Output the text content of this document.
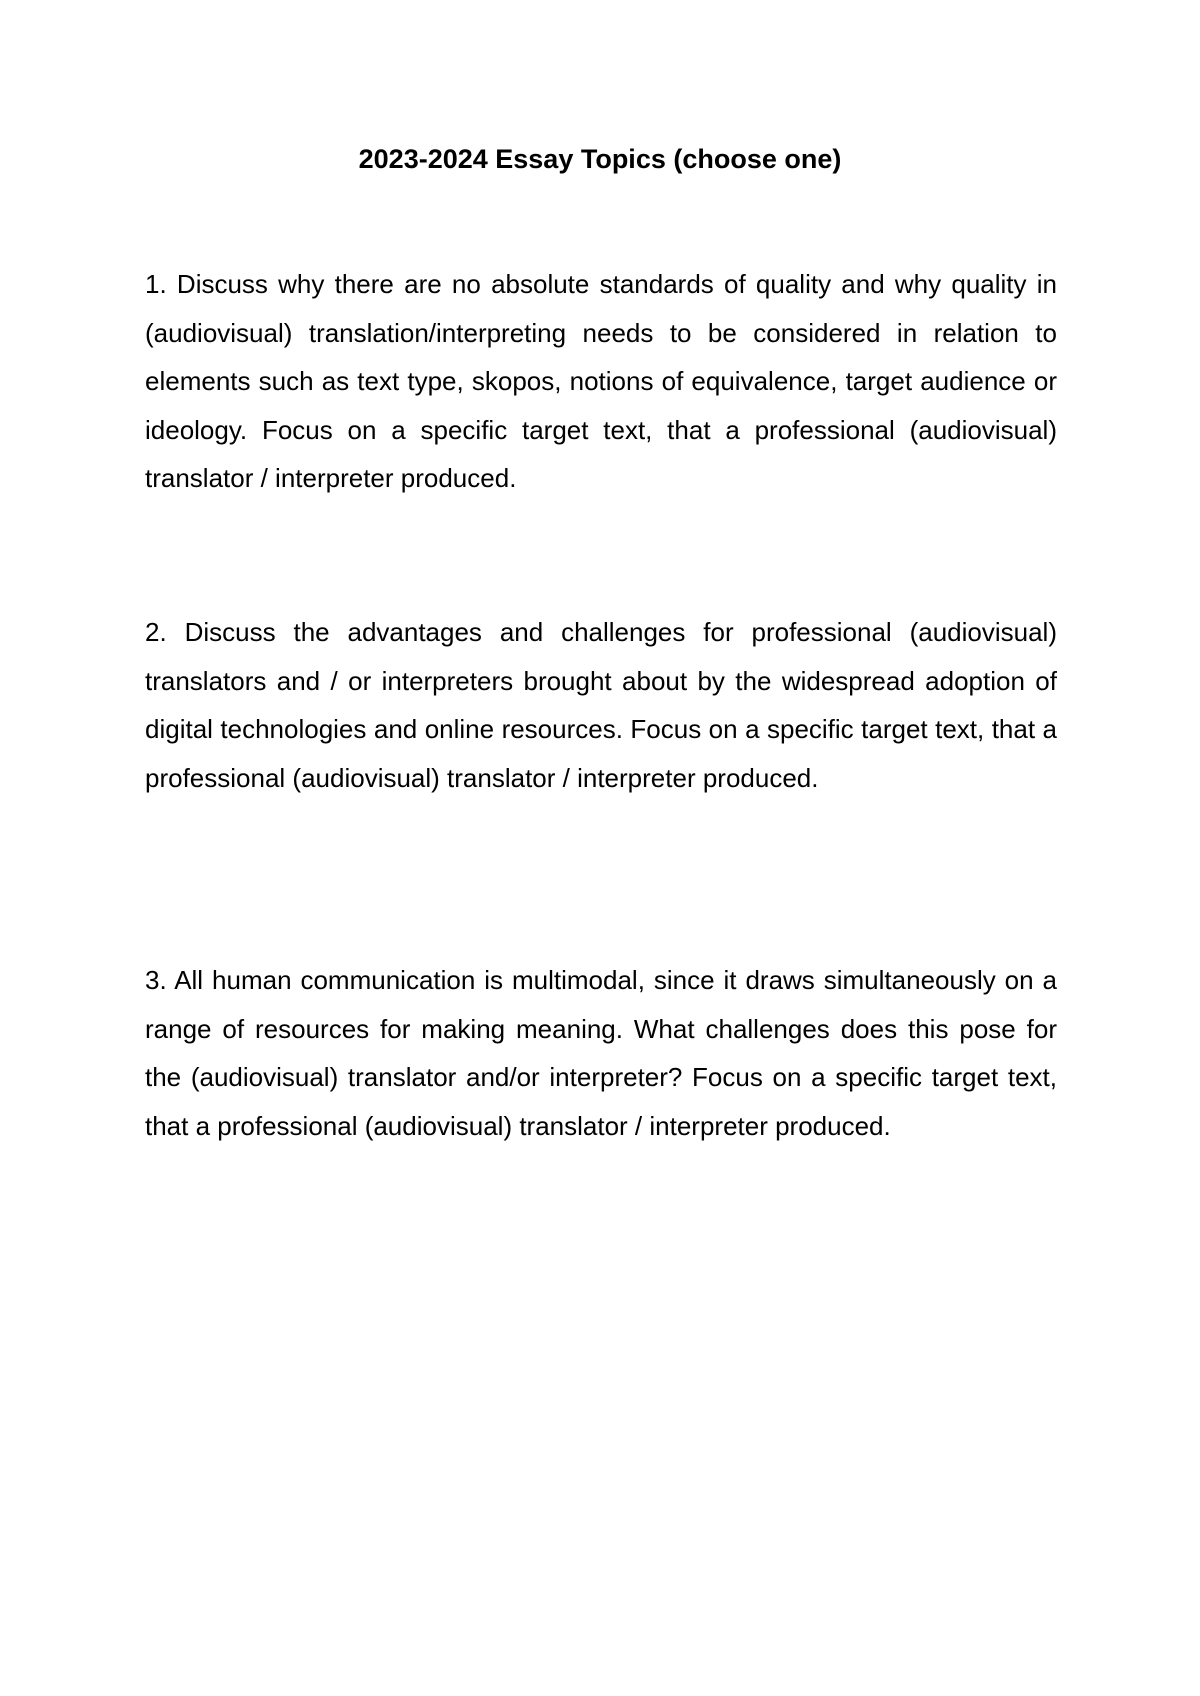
2023-2024 Essay Topics (choose one)

1. Discuss why there are no absolute standards of quality and why quality in (audiovisual) translation/interpreting needs to be considered in relation to elements such as text type, skopos, notions of equivalence, target audience or ideology. Focus on a specific target text, that a professional (audiovisual) translator / interpreter produced.

2. Discuss the advantages and challenges for professional (audiovisual) translators and / or interpreters brought about by the widespread adoption of digital technologies and online resources. Focus on a specific target text, that a professional (audiovisual) translator / interpreter produced.

3. All human communication is multimodal, since it draws simultaneously on a range of resources for making meaning. What challenges does this pose for the (audiovisual) translator and/or interpreter? Focus on a specific target text, that a professional (audiovisual) translator / interpreter produced.
